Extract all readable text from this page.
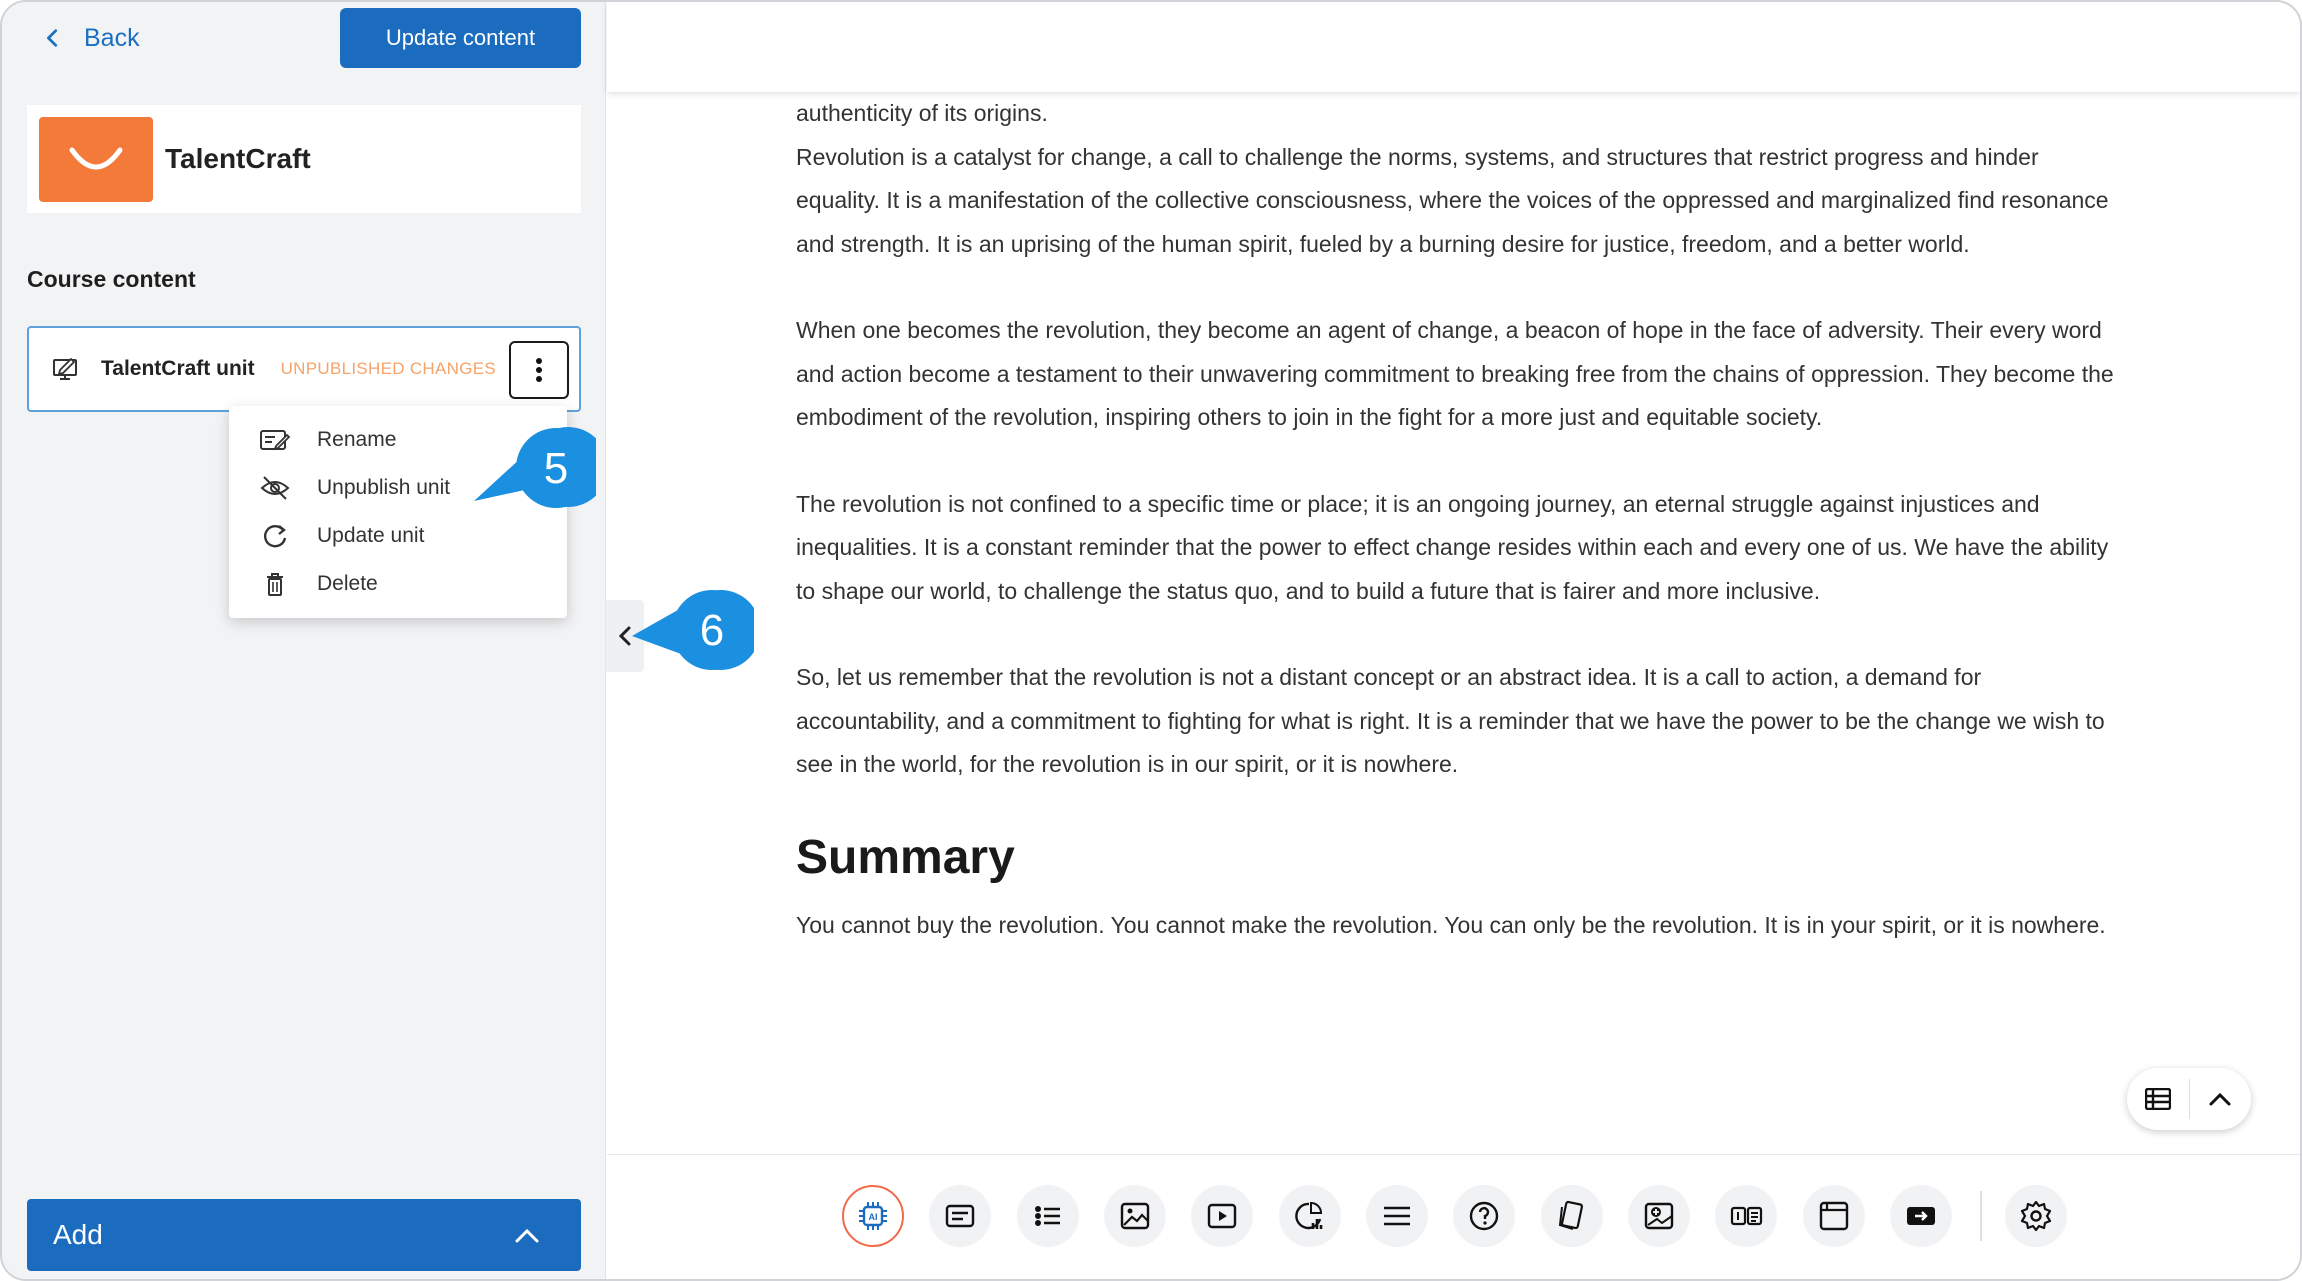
Back	Update content
TalentCraft
Course content
TalentCraft unit UNPUBLISHED CHANGES
Rename
Unpublish unit
Update unit
Delete
Add
5
6

authenticity of its origins.

Revolution is a catalyst for change, a call to challenge the norms, systems, and structures that restrict progress and hinder equality. It is a manifestation of the collective consciousness, where the voices of the oppressed and marginalized find resonance and strength. It is an uprising of the human spirit, fueled by a burning desire for justice, freedom, and a better world.

When one becomes the revolution, they become an agent of change, a beacon of hope in the face of adversity. Their every word and action become a testament to their unwavering commitment to breaking free from the chains of oppression. They become the embodiment of the revolution, inspiring others to join in the fight for a more just and equitable society.

The revolution is not confined to a specific time or place; it is an ongoing journey, an eternal struggle against injustices and inequalities. It is a constant reminder that the power to effect change resides within each and every one of us. We have the ability to shape our world, to challenge the status quo, and to build a future that is fairer and more inclusive.

So, let us remember that the revolution is not a distant concept or an abstract idea. It is a call to action, a demand for accountability, and a commitment to fighting for what is right. It is a reminder that we have the power to be the change we wish to see in the world, for the revolution is in our spirit, or it is nowhere.

Summary

You cannot buy the revolution. You cannot make the revolution. You can only be the revolution. It is in your spirit, or it is nowhere.

AI
